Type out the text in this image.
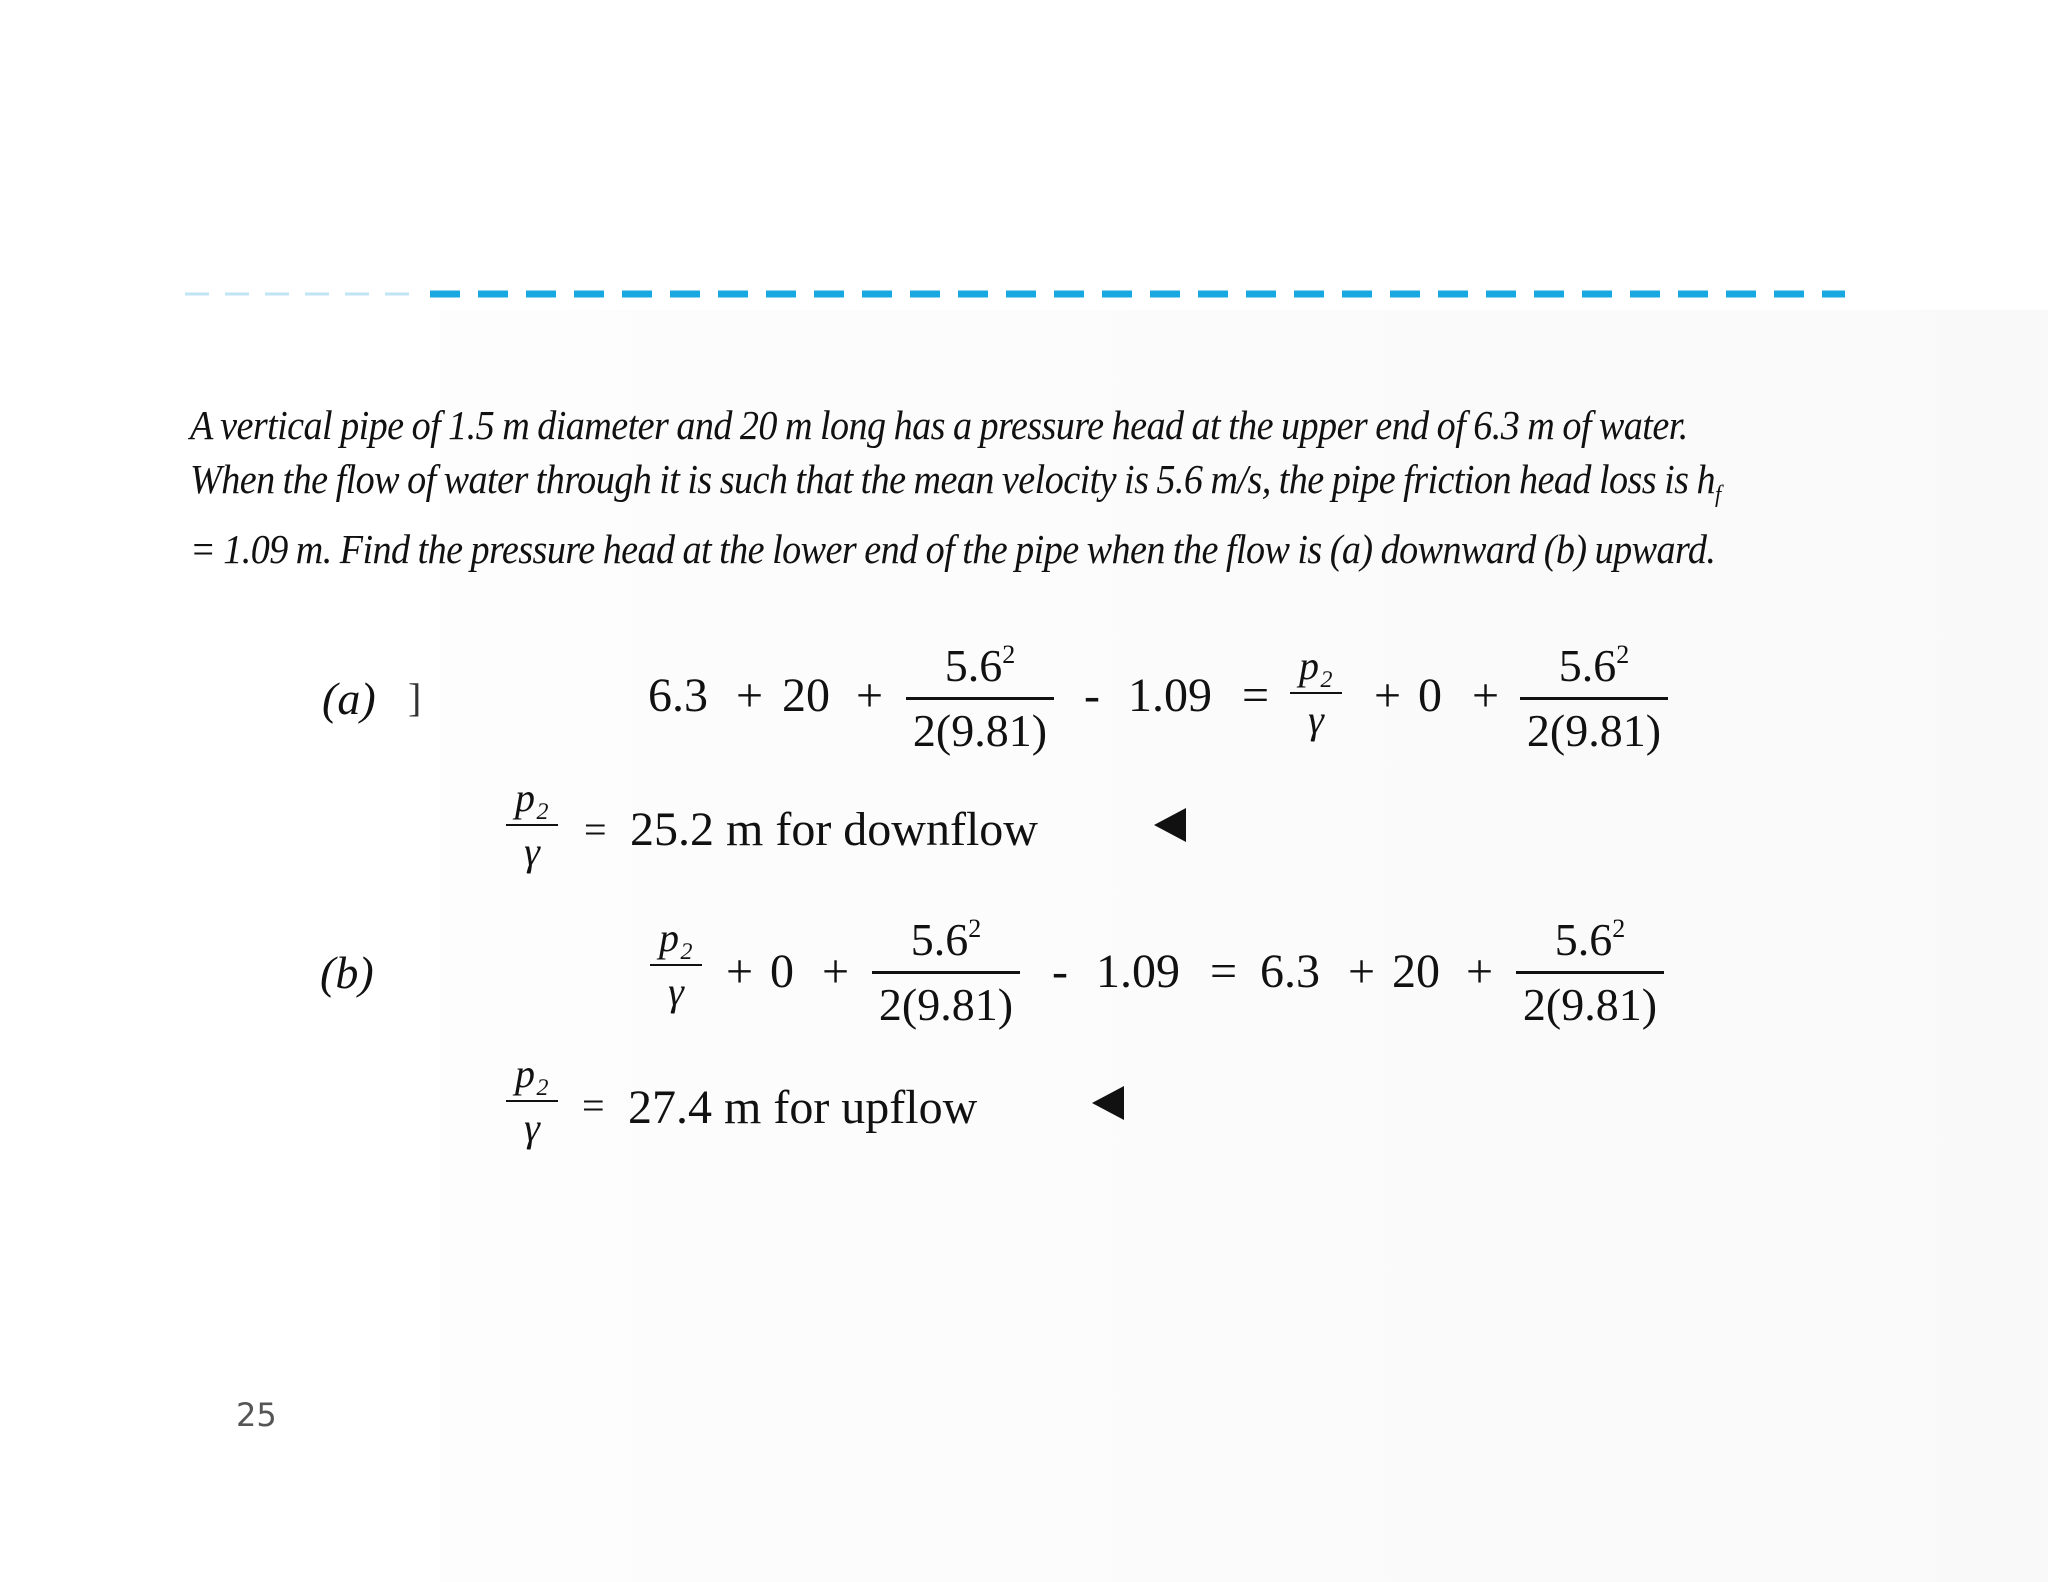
A vertical pipe of 1.5 m diameter and 20 m long has a pressure head at the upper end of 6.3 m of water.

When the flow of water through it is such that the mean velocity is 5.6 m/s, the pipe friction head loss is $h_f$

= 1.09 m. Find the pressure head at the lower end of the pipe when the flow is (a) downward (b) upward.

(a) ]	6.3 + 20 +
$5.6^2$
2(9.81)
- 1.09 =
p₂
γ + 0 +
$5.6^2$
2(9.81)
p₂
γ = 25.2 m for downflow
(b)
p₂
γ + 0 +
$5.6^2$
2(9.81)
- 1.09 = 6.3 + 20 +
$5.6^2$
2(9.81)
p₂
γ = 27.4 m for upflow
25
